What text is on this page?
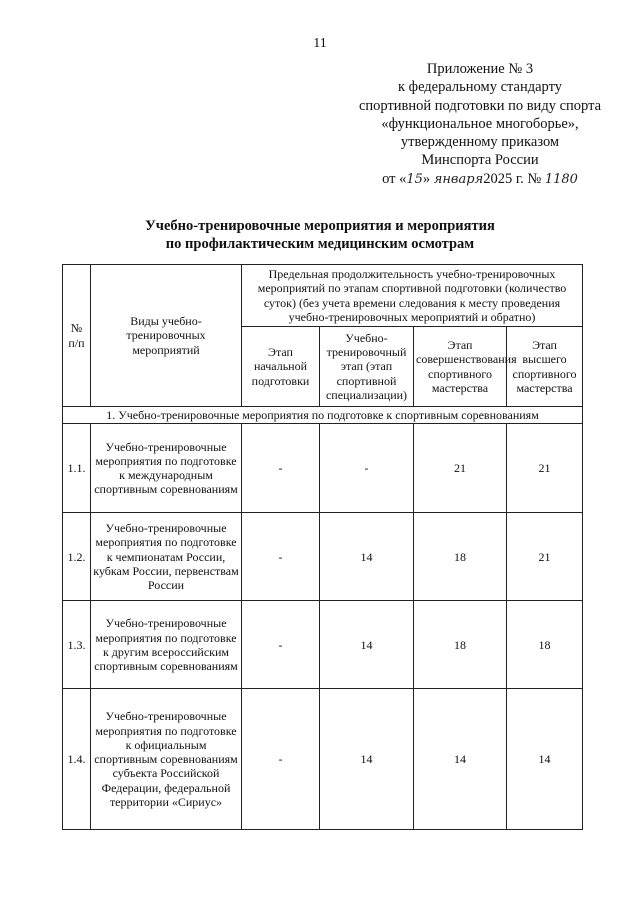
11
Приложение № 3
к федеральному стандарту
спортивной подготовки по виду спорта
«функциональное многоборье»,
утвержденному приказом
Минспорта России
от «15» января2025 г. № 1180
Учебно-тренировочные мероприятия и мероприятия
по профилактическим медицинским осмотрам
№ п/п	Виды учебно-тренировочных мероприятий	Предельная продолжительность учебно-тренировочных мероприятий по этапам спортивной подготовки (количество суток) (без учета времени следования к месту проведения учебно-тренировочных мероприятий и обратно)			
		Этап начальной подготовки	Учебно-тренировочный этап (этап спортивной специализации)	Этап совершенствования спортивного мастерства	Этап высшего спортивного мастерства
1. Учебно-тренировочные мероприятия по подготовке к спортивным соревнованиям					
1.1.	Учебно-тренировочные мероприятия по подготовке к международным спортивным соревнованиям	-	-	21	21
1.2.	Учебно-тренировочные мероприятия по подготовке к чемпионатам России, кубкам России, первенствам России	-	14	18	21
1.3.	Учебно-тренировочные мероприятия по подготовке к другим всероссийским спортивным соревнованиям	-	14	18	18
1.4.	Учебно-тренировочные мероприятия по подготовке к официальным спортивным соревнованиям субъекта Российской Федерации, федеральной территории «Сириус»	-	14	14	14
